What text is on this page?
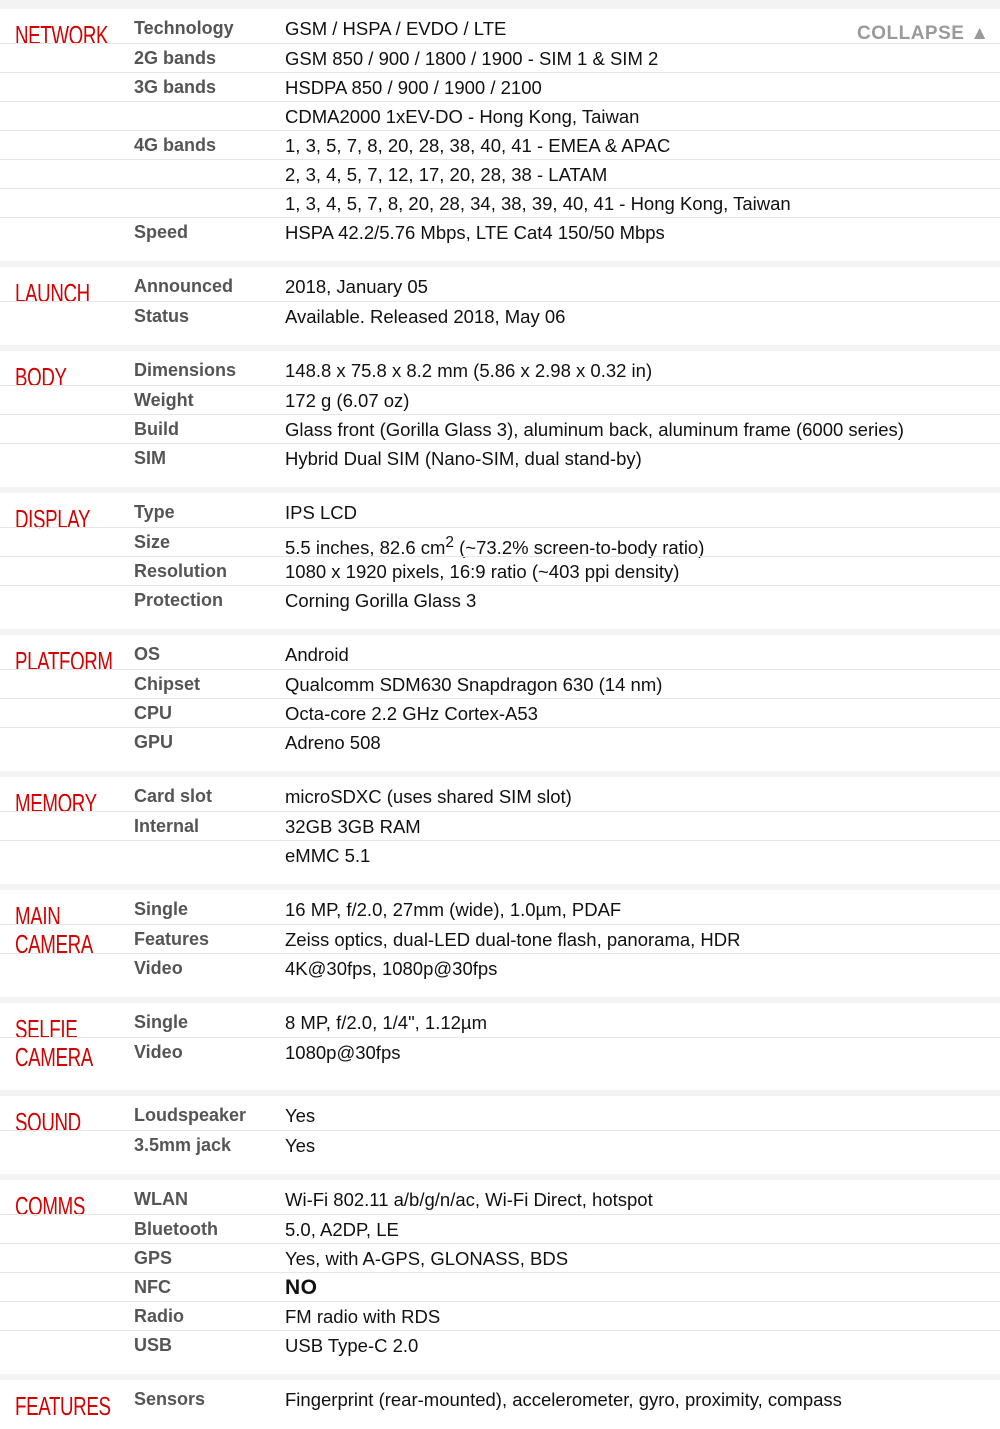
NETWORK Technology	GSM / HSPA / EVDO / LTE
2G bands	GSM 850 / 900 / 1800 / 1900 - SIM 1 & SIM 2
3G bands	HSDPA 850 / 900 / 1900 / 2100
CDMA2000 1xEV-DO - Hong Kong, Taiwan
4G bands	1, 3, 5, 7, 8, 20, 28, 38, 40, 41 - EMEA & APAC
2, 3, 4, 5, 7, 12, 17, 20, 28, 38 - LATAM
1, 3, 4, 5, 7, 8, 20, 28, 34, 38, 39, 40, 41 - Hong Kong, Taiwan
Speed	HSPA 42.2/5.76 Mbps, LTE Cat4 150/50 Mbps
LAUNCH Announced	2018, January 05
Status	Available. Released 2018, May 06
BODY	Dimensions	148.8 x 75.8 x 8.2 mm (5.86 x 2.98 x 0.32 in)
Weight	172 g (6.07 oz)
Build	Glass front (Gorilla Glass 3), aluminum back, aluminum frame (6000 series)
SIM	Hybrid Dual SIM (Nano-SIM, dual stand-by)
DISPLAY Type	IPS LCD
Size	5.5 inches, 82.6 $cm^2$ (~73.2% screen-to-body ratio)
Resolution	1080 x 1920 pixels, 16:9 ratio (~403 ppi density)
Protection	Corning Gorilla Glass 3
PLATFORM OS	Android
Chipset	Qualcomm SDM630 Snapdragon 630 (14 nm)
CPU	Octa-core 2.2 GHz Cortex-A53
GPU	Adreno 508
MEMORY Card slot	microSDXC (uses shared SIM slot)
Internal	32GB 3GB RAM
eMMC 5.1
MAIN
CAMERA
Single	16 MP, f/2.0, 27mm (wide), 1.0µm, PDAF
Features	Zeiss optics, dual-LED dual-tone flash, panorama, HDR
Video	4K@30fps, 1080p@30fps
SELFIE
CAMERA
Single	8 MP, f/2.0, 1/4", 1.12µm
Video	1080p@30fps
SOUND	Loudspeaker Yes
3.5mm jack	Yes
COMMS	WLAN	Wi-Fi 802.11 a/b/g/n/ac, Wi-Fi Direct, hotspot
Bluetooth	5.0, A2DP, LE
GPS	Yes, with A-GPS, GLONASS, BDS
NFC	NO
Radio	FM radio with RDS
USB	USB Type-C 2.0
FEATURES Sensors	Fingerprint (rear-mounted), accelerometer, gyro, proximity, compass
COLLAPSE ▲
